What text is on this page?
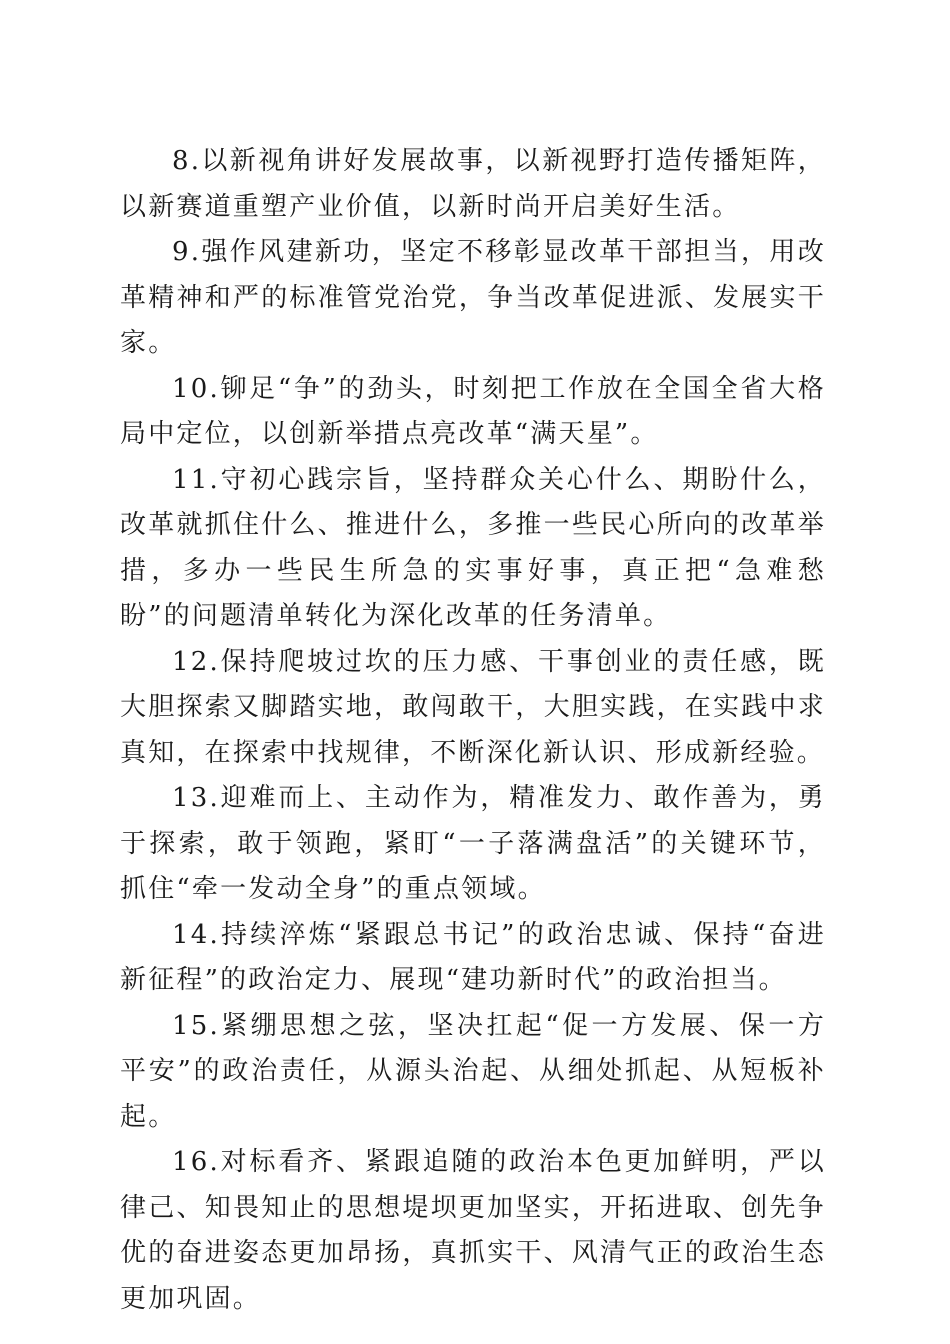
8.以新视角讲好发展故事，以新视野打造传播矩阵，以新赛道重塑产业价值，以新时尚开启美好生活。

9.强作风建新功，坚定不移彰显改革干部担当，用改革精神和严的标准管党治党，争当改革促进派、发展实干家。

10.铆足“争”的劲头，时刻把工作放在全国全省大格局中定位，以创新举措点亮改革“满天星”。

11.守初心践宗旨，坚持群众关心什么、期盼什么，改革就抓住什么、推进什么，多推一些民心所向的改革举措，多办一些民生所急的实事好事，真正把“急难愁盼”的问题清单转化为深化改革的任务清单。

12.保持爬坡过坎的压力感、干事创业的责任感，既大胆探索又脚踏实地，敢闯敢干，大胆实践，在实践中求真知，在探索中找规律，不断深化新认识、形成新经验。

13.迎难而上、主动作为，精准发力、敢作善为，勇于探索，敢于领跑，紧盯“一子落满盘活”的关键环节，抓住“牵一发动全身”的重点领域。

14.持续淬炼“紧跟总书记”的政治忠诚、保持“奋进新征程”的政治定力、展现“建功新时代”的政治担当。

15.紧绷思想之弦，坚决扛起“促一方发展、保一方平安”的政治责任，从源头治起、从细处抓起、从短板补起。

16.对标看齐、紧跟追随的政治本色更加鲜明，严以律己、知畏知止的思想堤坝更加坚实，开拓进取、创先争优的奋进姿态更加昂扬，真抓实干、风清气正的政治生态更加巩固。
